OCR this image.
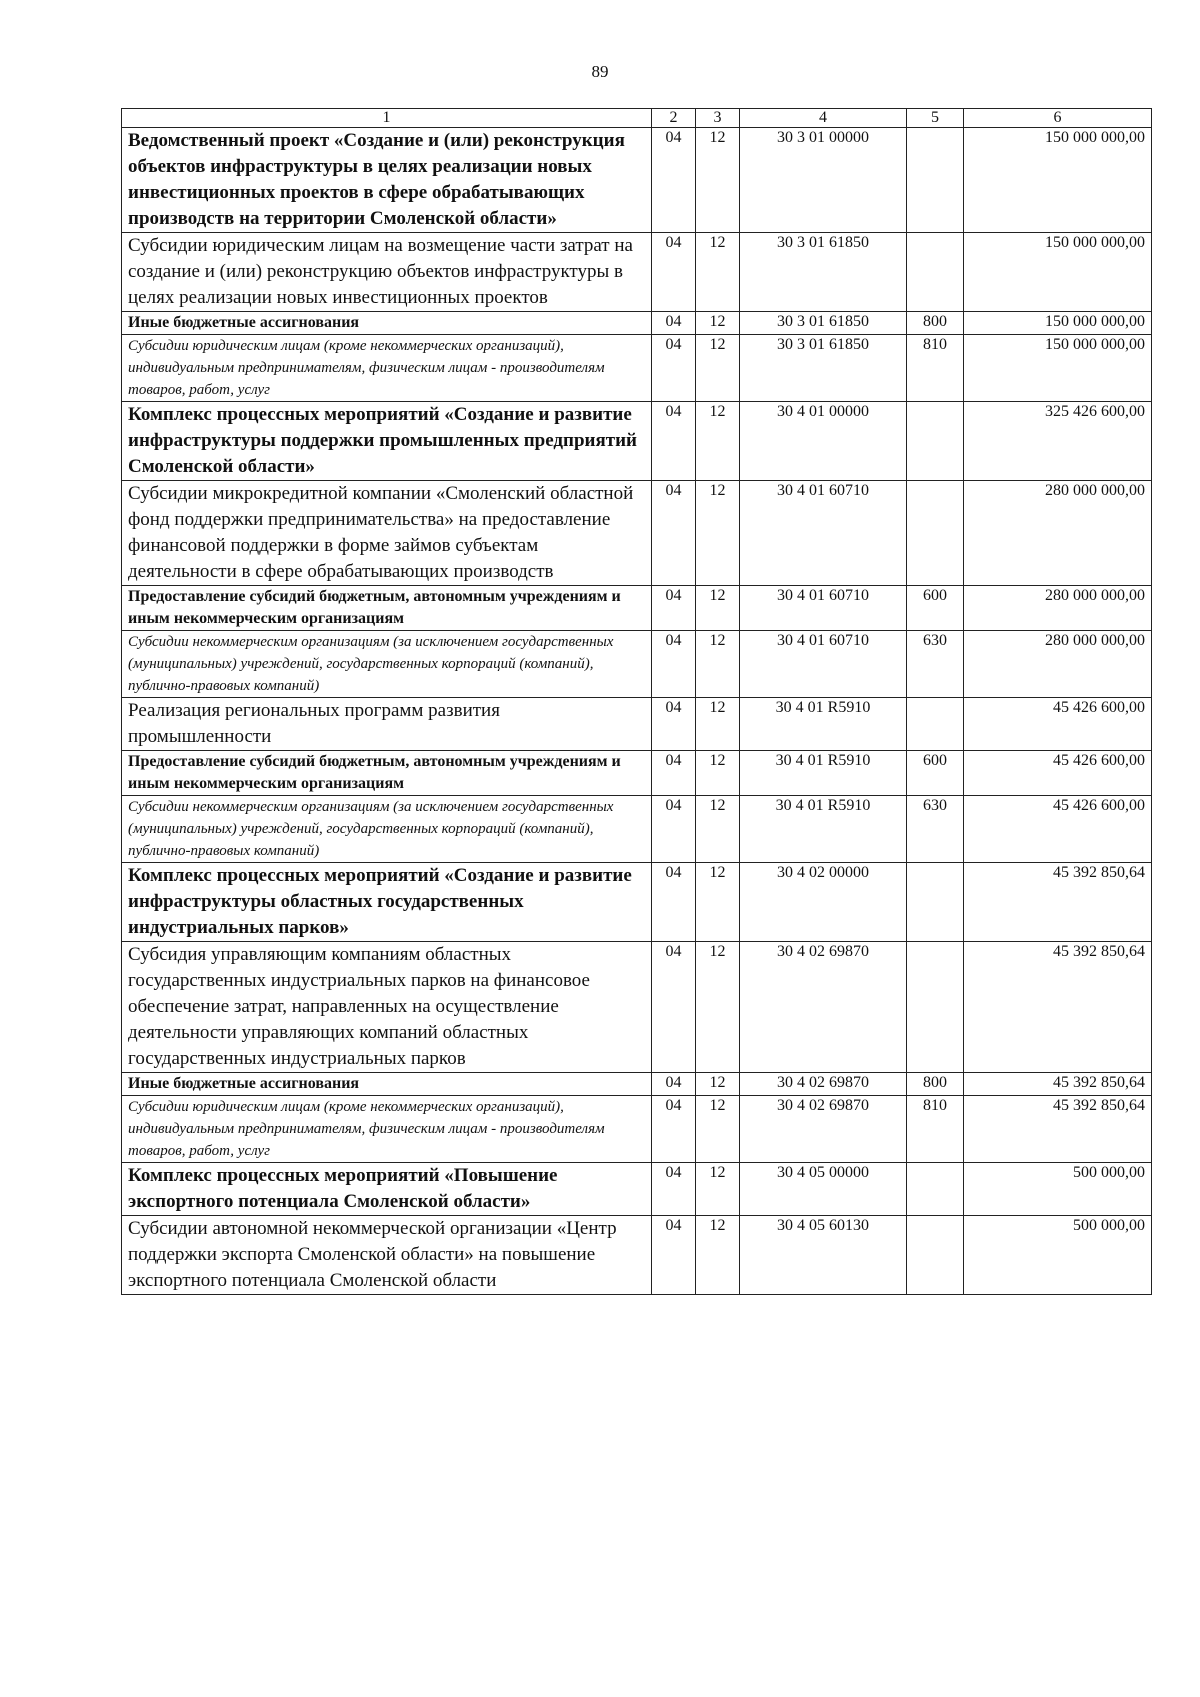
89
1	2	3	4	5	6
Ведомственный проект «Создание и (или) реконструкция объектов инфраструктуры в целях реализации новых инвестиционных проектов в сфере обрабатывающих производств на территории Смоленской области»	04	12	30 3 01 00000		150 000 000,00
Субсидии юридическим лицам на возмещение части затрат на создание и (или) реконструкцию объектов инфраструктуры в целях реализации новых инвестиционных проектов	04	12	30 3 01 61850		150 000 000,00
Иные бюджетные ассигнования	04	12	30 3 01 61850	800	150 000 000,00
Субсидии юридическим лицам (кроме некоммерческих организаций), индивидуальным предпринимателям, физическим лицам - производителям товаров, работ, услуг	04	12	30 3 01 61850	810	150 000 000,00
Комплекс процессных мероприятий «Создание и развитие инфраструктуры поддержки промышленных предприятий Смоленской области»	04	12	30 4 01 00000		325 426 600,00
Субсидии микрокредитной компании «Смоленский областной фонд поддержки предпринимательства» на предоставление финансовой поддержки в форме займов субъектам деятельности в сфере обрабатывающих производств	04	12	30 4 01 60710		280 000 000,00
Предоставление субсидий бюджетным, автономным учреждениям и иным некоммерческим организациям	04	12	30 4 01 60710	600	280 000 000,00
Субсидии некоммерческим организациям (за исключением государственных (муниципальных) учреждений, государственных корпораций (компаний), публично-правовых компаний)	04	12	30 4 01 60710	630	280 000 000,00
Реализация региональных программ развития промышленности	04	12	30 4 01 R5910		45 426 600,00
Предоставление субсидий бюджетным, автономным учреждениям и иным некоммерческим организациям	04	12	30 4 01 R5910	600	45 426 600,00
Субсидии некоммерческим организациям (за исключением государственных (муниципальных) учреждений, государственных корпораций (компаний), публично-правовых компаний)	04	12	30 4 01 R5910	630	45 426 600,00
Комплекс процессных мероприятий «Создание и развитие инфраструктуры областных государственных индустриальных парков»	04	12	30 4 02 00000		45 392 850,64
Субсидия управляющим компаниям областных государственных индустриальных парков на финансовое обеспечение затрат, направленных на осуществление деятельности управляющих компаний областных государственных индустриальных парков	04	12	30 4 02 69870		45 392 850,64
Иные бюджетные ассигнования	04	12	30 4 02 69870	800	45 392 850,64
Субсидии юридическим лицам (кроме некоммерческих организаций), индивидуальным предпринимателям, физическим лицам - производителям товаров, работ, услуг	04	12	30 4 02 69870	810	45 392 850,64
Комплекс процессных мероприятий «Повышение экспортного потенциала Смоленской области»	04	12	30 4 05 00000		500 000,00
Субсидии автономной некоммерческой организации «Центр поддержки экспорта Смоленской области» на повышение экспортного потенциала Смоленской области	04	12	30 4 05 60130		500 000,00
